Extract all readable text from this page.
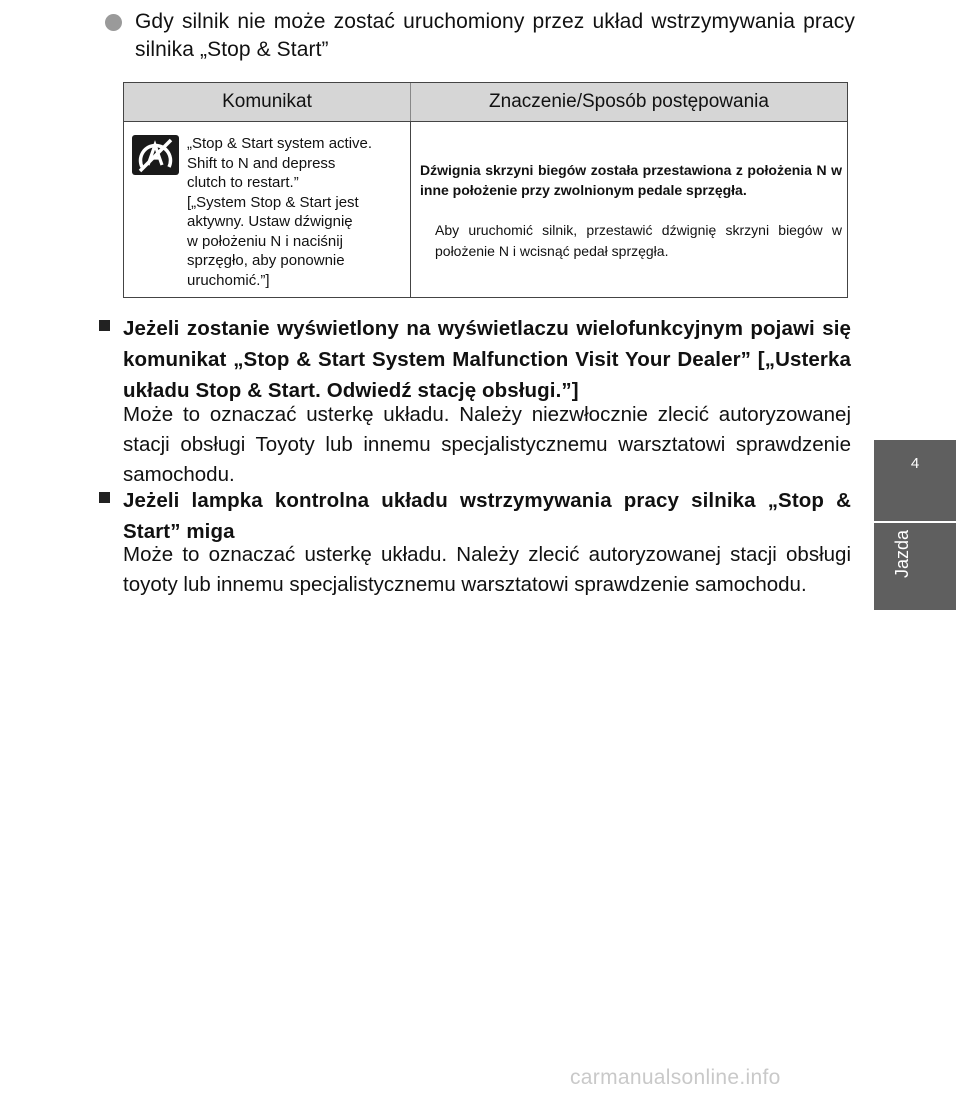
Gdy silnik nie może zostać uruchomiony przez układ wstrzymywania pracy silnika „Stop & Start”
Komunikat	Znaczenie/Sposób postępowania
„Stop & Start system active.
Shift to N and depress
clutch to restart.”
[„System Stop & Start jest
aktywny. Ustaw dźwignię
w położeniu N i naciśnij
sprzęgło, aby ponownie
uruchomić.”]
Dźwignia skrzyni biegów została przestawiona z położenia N w inne położenie przy zwolnionym pedale sprzęgła.
Aby uruchomić silnik, przestawić dźwignię skrzyni biegów w położenie N i wcisnąć pedał sprzęgła.
Jeżeli zostanie wyświetlony na wyświetlaczu wielofunkcyjnym pojawi się komunikat „Stop & Start System Malfunction Visit Your Dealer” [„Usterka układu Stop & Start. Odwiedź stację obsługi.”]
Może to oznaczać usterkę układu. Należy niezwłocznie zlecić autoryzowanej stacji obsługi Toyoty lub innemu specjalistycznemu warsztatowi sprawdzenie samochodu.
Jeżeli lampka kontrolna układu wstrzymywania pracy silnika „Stop & Start” miga
Może to oznaczać usterkę układu. Należy zlecić autoryzowanej stacji obsługi toyoty lub innemu specjalistycznemu warsztatowi sprawdzenie samochodu.
4
Jazda
carmanualsonline.info
